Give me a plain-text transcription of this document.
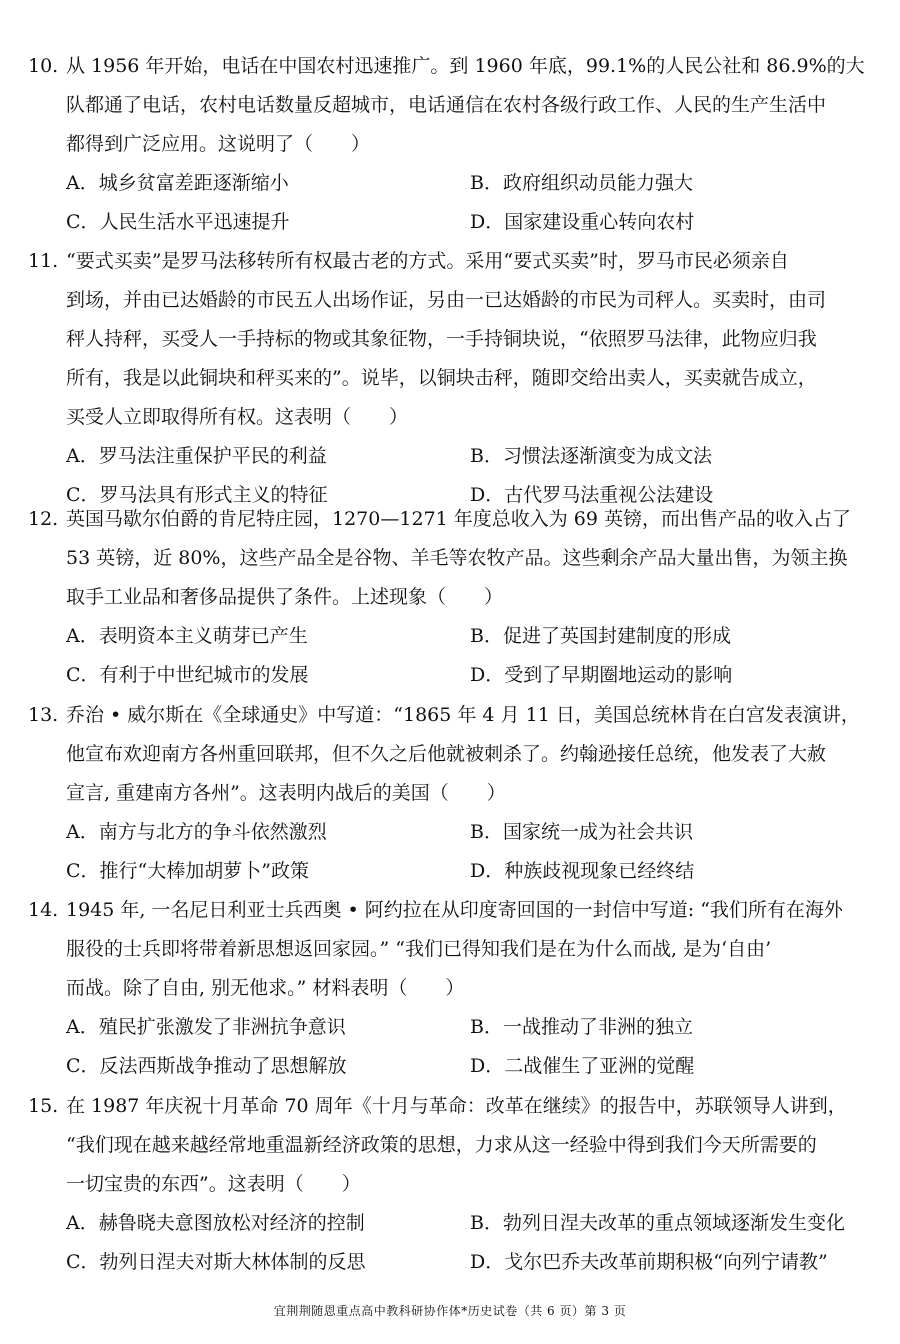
10. 从 1956 年开始，电话在中国农村迅速推广。到 1960 年底，99.1%的人民公社和 86.9%的大
队都通了电话，农村电话数量反超城市，电话通信在农村各级行政工作、人民的生产生活中
都得到广泛应用。这说明了（　　）
A．城乡贫富差距逐渐缩小	B．政府组织动员能力强大
C．人民生活水平迅速提升	D．国家建设重心转向农村
11. “要式买卖”是罗马法移转所有权最古老的方式。采用“要式买卖”时，罗马市民必须亲自
到场，并由已达婚龄的市民五人出场作证，另由一已达婚龄的市民为司秤人。买卖时，由司
秤人持秤，买受人一手持标的物或其象征物，一手持铜块说，“依照罗马法律，此物应归我
所有，我是以此铜块和秤买来的”。说毕，以铜块击秤，随即交给出卖人，买卖就告成立，
买受人立即取得所有权。这表明（　　）
A．罗马法注重保护平民的利益	B．习惯法逐渐演变为成文法
C．罗马法具有形式主义的特征	D．古代罗马法重视公法建设
12. 英国马歇尔伯爵的肯尼特庄园，1270—1271 年度总收入为 69 英镑，而出售产品的收入占了
53 英镑，近 80%，这些产品全是谷物、羊毛等农牧产品。这些剩余产品大量出售，为领主换
取手工业品和奢侈品提供了条件。上述现象（　　）
A．表明资本主义萌芽已产生	B．促进了英国封建制度的形成
C．有利于中世纪城市的发展	D．受到了早期圈地运动的影响
13. 乔治 • 威尔斯在《全球通史》中写道：“1865 年 4 月 11 日，美国总统林肯在白宫发表演讲，
他宣布欢迎南方各州重回联邦，但不久之后他就被刺杀了。约翰逊接任总统，他发表了大赦
宣言, 重建南方各州”。这表明内战后的美国（　　）
A．南方与北方的争斗依然激烈	B．国家统一成为社会共识
C．推行“大棒加胡萝卜”政策	D．种族歧视现象已经终结
14. 1945 年, 一名尼日利亚士兵西奥 • 阿约拉在从印度寄回国的一封信中写道: “我们所有在海外
服役的士兵即将带着新思想返回家园。” “我们已得知我们是在为什么而战, 是为‘自由’
而战。除了自由, 别无他求。” 材料表明（　　）
A．殖民扩张激发了非洲抗争意识	B．一战推动了非洲的独立
C．反法西斯战争推动了思想解放	D．二战催生了亚洲的觉醒
15. 在 1987 年庆祝十月革命 70 周年《十月与革命：改革在继续》的报告中，苏联领导人讲到，
“我们现在越来越经常地重温新经济政策的思想，力求从这一经验中得到我们今天所需要的
一切宝贵的东西”。这表明（　　）
A．赫鲁晓夫意图放松对经济的控制	B．勃列日涅夫改革的重点领域逐渐发生变化
C．勃列日涅夫对斯大林体制的反思	D．戈尔巴乔夫改革前期积极“向列宁请教”
宜荆荆随恩重点高中教科研协作体*历史试卷（共 6 页）第 3 页
